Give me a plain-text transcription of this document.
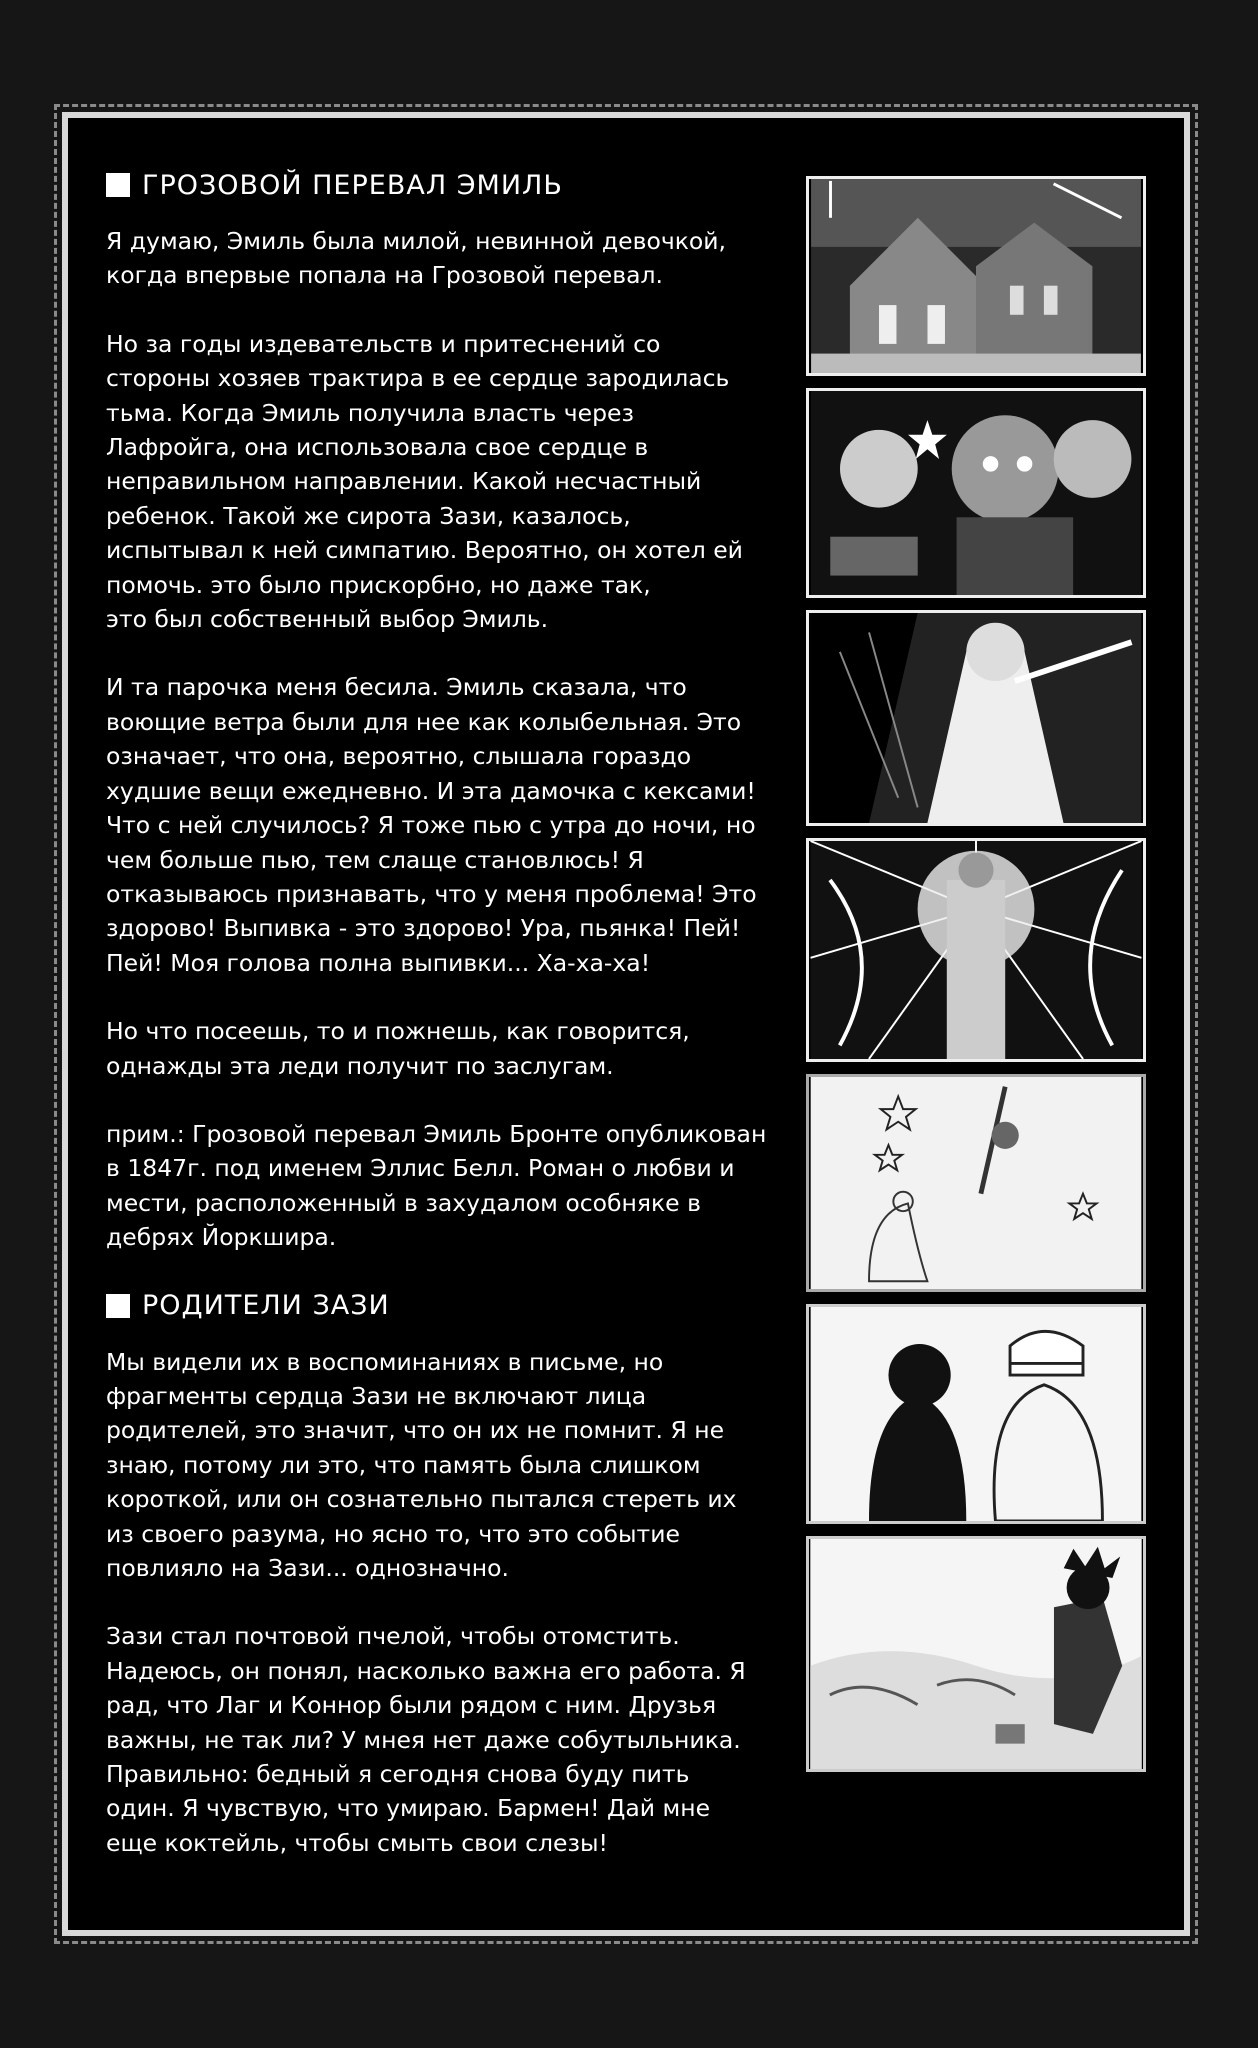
ГРОЗОВОЙ ПЕРЕВАЛ ЭМИЛЬ

Я думаю, Эмиль была милой, невинной девочкой,
когда впервые попала на Грозовой перевал.

Но за годы издевательств и притеснений со
стороны хозяев трактира в ее сердце зародилась
тьма. Когда Эмиль получила власть через
Лафройга, она использовала свое сердце в
неправильном направлении. Какой несчастный
ребенок. Такой же сирота Зази, казалось,
испытывал к ней симпатию. Вероятно, он хотел ей
помочь. это было прискорбно, но даже так,
это был собственный выбор Эмиль.

И та парочка меня бесила. Эмиль сказала, что
воющие ветра были для нее как колыбельная. Это
означает, что она, вероятно, слышала гораздо
худшие вещи ежедневно. И эта дамочка с кексами!
Что с ней случилось? Я тоже пью с утра до ночи, но
чем больше пью, тем слаще становлюсь! Я
отказываюсь признавать, что у меня проблема! Это
здорово! Выпивка - это здорово! Ура, пьянка! Пей!
Пей! Моя голова полна выпивки... Ха-ха-ха!

Но что посеешь, то и пожнешь, как говорится,
однажды эта леди получит по заслугам.

прим.: Грозовой перевал Эмиль Бронте опубликован
в 1847г. под именем Эллис Белл. Роман о любви и
мести, расположенный в захудалом особняке в
дебрях Йоркшира.

РОДИТЕЛИ ЗАЗИ

Мы видели их в воспоминаниях в письме, но
фрагменты сердца Зази не включают лица
родителей, это значит, что он их не помнит. Я не
знаю, потому ли это, что память была слишком
короткой, или он сознательно пытался стереть их
из своего разума, но ясно то, что это событие
повлияло на Зази... однозначно.

Зази стал почтовой пчелой, чтобы отомстить.
Надеюсь, он понял, насколько важна его работа. Я
рад, что Лаг и Коннор были рядом с ним. Друзья
важны, не так ли? У мнея нет даже собутыльника.
Правильно: бедный я сегодня снова буду пить
один. Я чувствую, что умираю. Бармен! Дай мне
еще коктейль, чтобы смыть свои слезы!
